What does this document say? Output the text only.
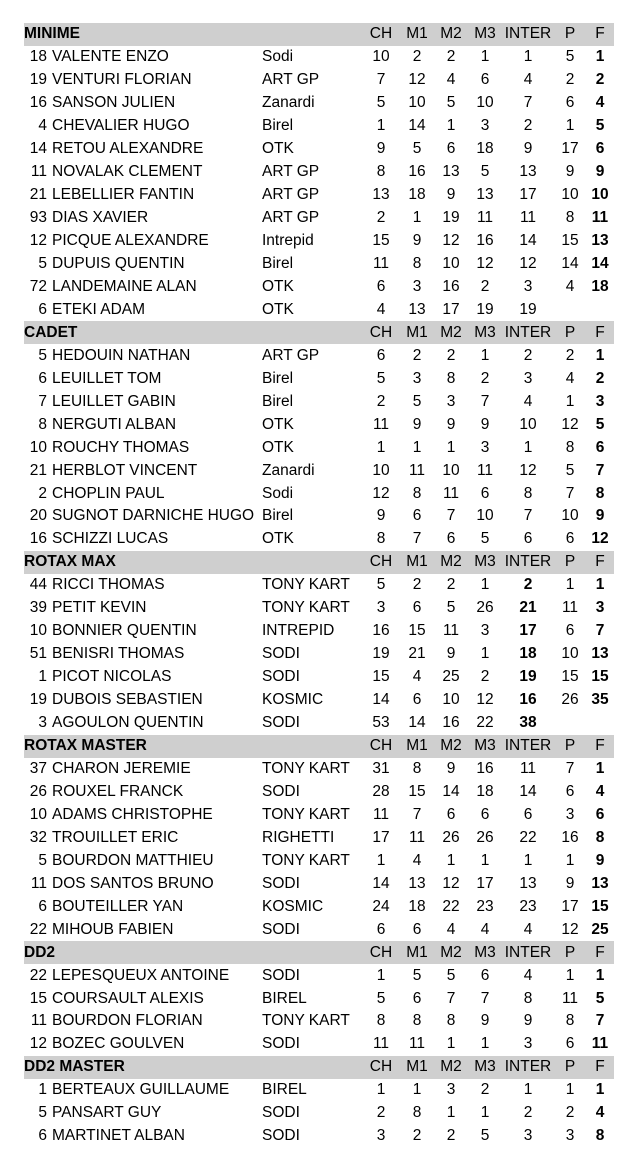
MINIME			CH	M1	M2	M3	INTER	P	F
18	VALENTE ENZO	Sodi	10	2	2	1	1	5	1
19	VENTURI FLORIAN	ART GP	7	12	4	6	4	2	2
16	SANSON JULIEN	Zanardi	5	10	5	10	7	6	4
4	CHEVALIER HUGO	Birel	1	14	1	3	2	1	5
14	RETOU ALEXANDRE	OTK	9	5	6	18	9	17	6
11	NOVALAK CLEMENT	ART GP	8	16	13	5	13	9	9
21	LEBELLIER FANTIN	ART GP	13	18	9	13	17	10	10
93	DIAS XAVIER	ART GP	2	1	19	11	11	8	11
12	PICQUE ALEXANDRE	Intrepid	15	9	12	16	14	15	13
5	DUPUIS QUENTIN	Birel	11	8	10	12	12	14	14
72	LANDEMAINE ALAN	OTK	6	3	16	2	3	4	18
6	ETEKI ADAM	OTK	4	13	17	19	19		
CADET			CH	M1	M2	M3	INTER	P	F
5	HEDOUIN NATHAN	ART GP	6	2	2	1	2	2	1
6	LEUILLET TOM	Birel	5	3	8	2	3	4	2
7	LEUILLET GABIN	Birel	2	5	3	7	4	1	3
8	NERGUTI ALBAN	OTK	11	9	9	9	10	12	5
10	ROUCHY THOMAS	OTK	1	1	1	3	1	8	6
21	HERBLOT VINCENT	Zanardi	10	11	10	11	12	5	7
2	CHOPLIN PAUL	Sodi	12	8	11	6	8	7	8
20	SUGNOT DARNICHE HUGO	Birel	9	6	7	10	7	10	9
16	SCHIZZI LUCAS	OTK	8	7	6	5	6	6	12
ROTAX MAX			CH	M1	M2	M3	INTER	P	F
44	RICCI THOMAS	TONY KART	5	2	2	1	2	1	1
39	PETIT KEVIN	TONY KART	3	6	5	26	21	11	3
10	BONNIER QUENTIN	INTREPID	16	15	11	3	17	6	7
51	BENISRI THOMAS	SODI	19	21	9	1	18	10	13
1	PICOT NICOLAS	SODI	15	4	25	2	19	15	15
19	DUBOIS SEBASTIEN	KOSMIC	14	6	10	12	16	26	35
3	AGOULON QUENTIN	SODI	53	14	16	22	38		
ROTAX MASTER			CH	M1	M2	M3	INTER	P	F
37	CHARON JEREMIE	TONY KART	31	8	9	16	11	7	1
26	ROUXEL FRANCK	SODI	28	15	14	18	14	6	4
10	ADAMS CHRISTOPHE	TONY KART	11	7	6	6	6	3	6
32	TROUILLET ERIC	RIGHETTI	17	11	26	26	22	16	8
5	BOURDON MATTHIEU	TONY KART	1	4	1	1	1	1	9
11	DOS SANTOS BRUNO	SODI	14	13	12	17	13	9	13
6	BOUTEILLER YAN	KOSMIC	24	18	22	23	23	17	15
22	MIHOUB FABIEN	SODI	6	6	4	4	4	12	25
DD2			CH	M1	M2	M3	INTER	P	F
22	LEPESQUEUX ANTOINE	SODI	1	5	5	6	4	1	1
15	COURSAULT ALEXIS	BIREL	5	6	7	7	8	11	5
11	BOURDON FLORIAN	TONY KART	8	8	8	9	9	8	7
12	BOZEC GOULVEN	SODI	11	11	1	1	3	6	11
DD2 MASTER			CH	M1	M2	M3	INTER	P	F
1	BERTEAUX GUILLAUME	BIREL	1	1	3	2	1	1	1
5	PANSART GUY	SODI	2	8	1	1	2	2	4
6	MARTINET ALBAN	SODI	3	2	2	5	3	3	8
